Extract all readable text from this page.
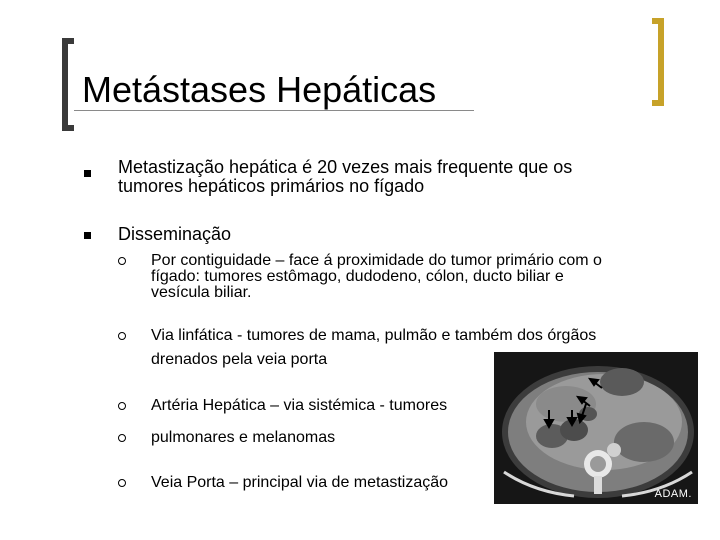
Metástases Hepáticas
Metastização hepática é 20 vezes mais frequente que os
tumores hepáticos primários no fígado
Disseminação
Por contiguidade – face á proximidade do tumor primário com o
fígado: tumores estômago, dudodeno, cólon, ducto biliar e
vesícula biliar.
Via linfática - tumores de mama, pulmão e também dos órgãos
drenados pela veia porta
Artéria Hepática – via sistémica - tumores
pulmonares e melanomas
Veia Porta – principal via de metastização
ADAM.
